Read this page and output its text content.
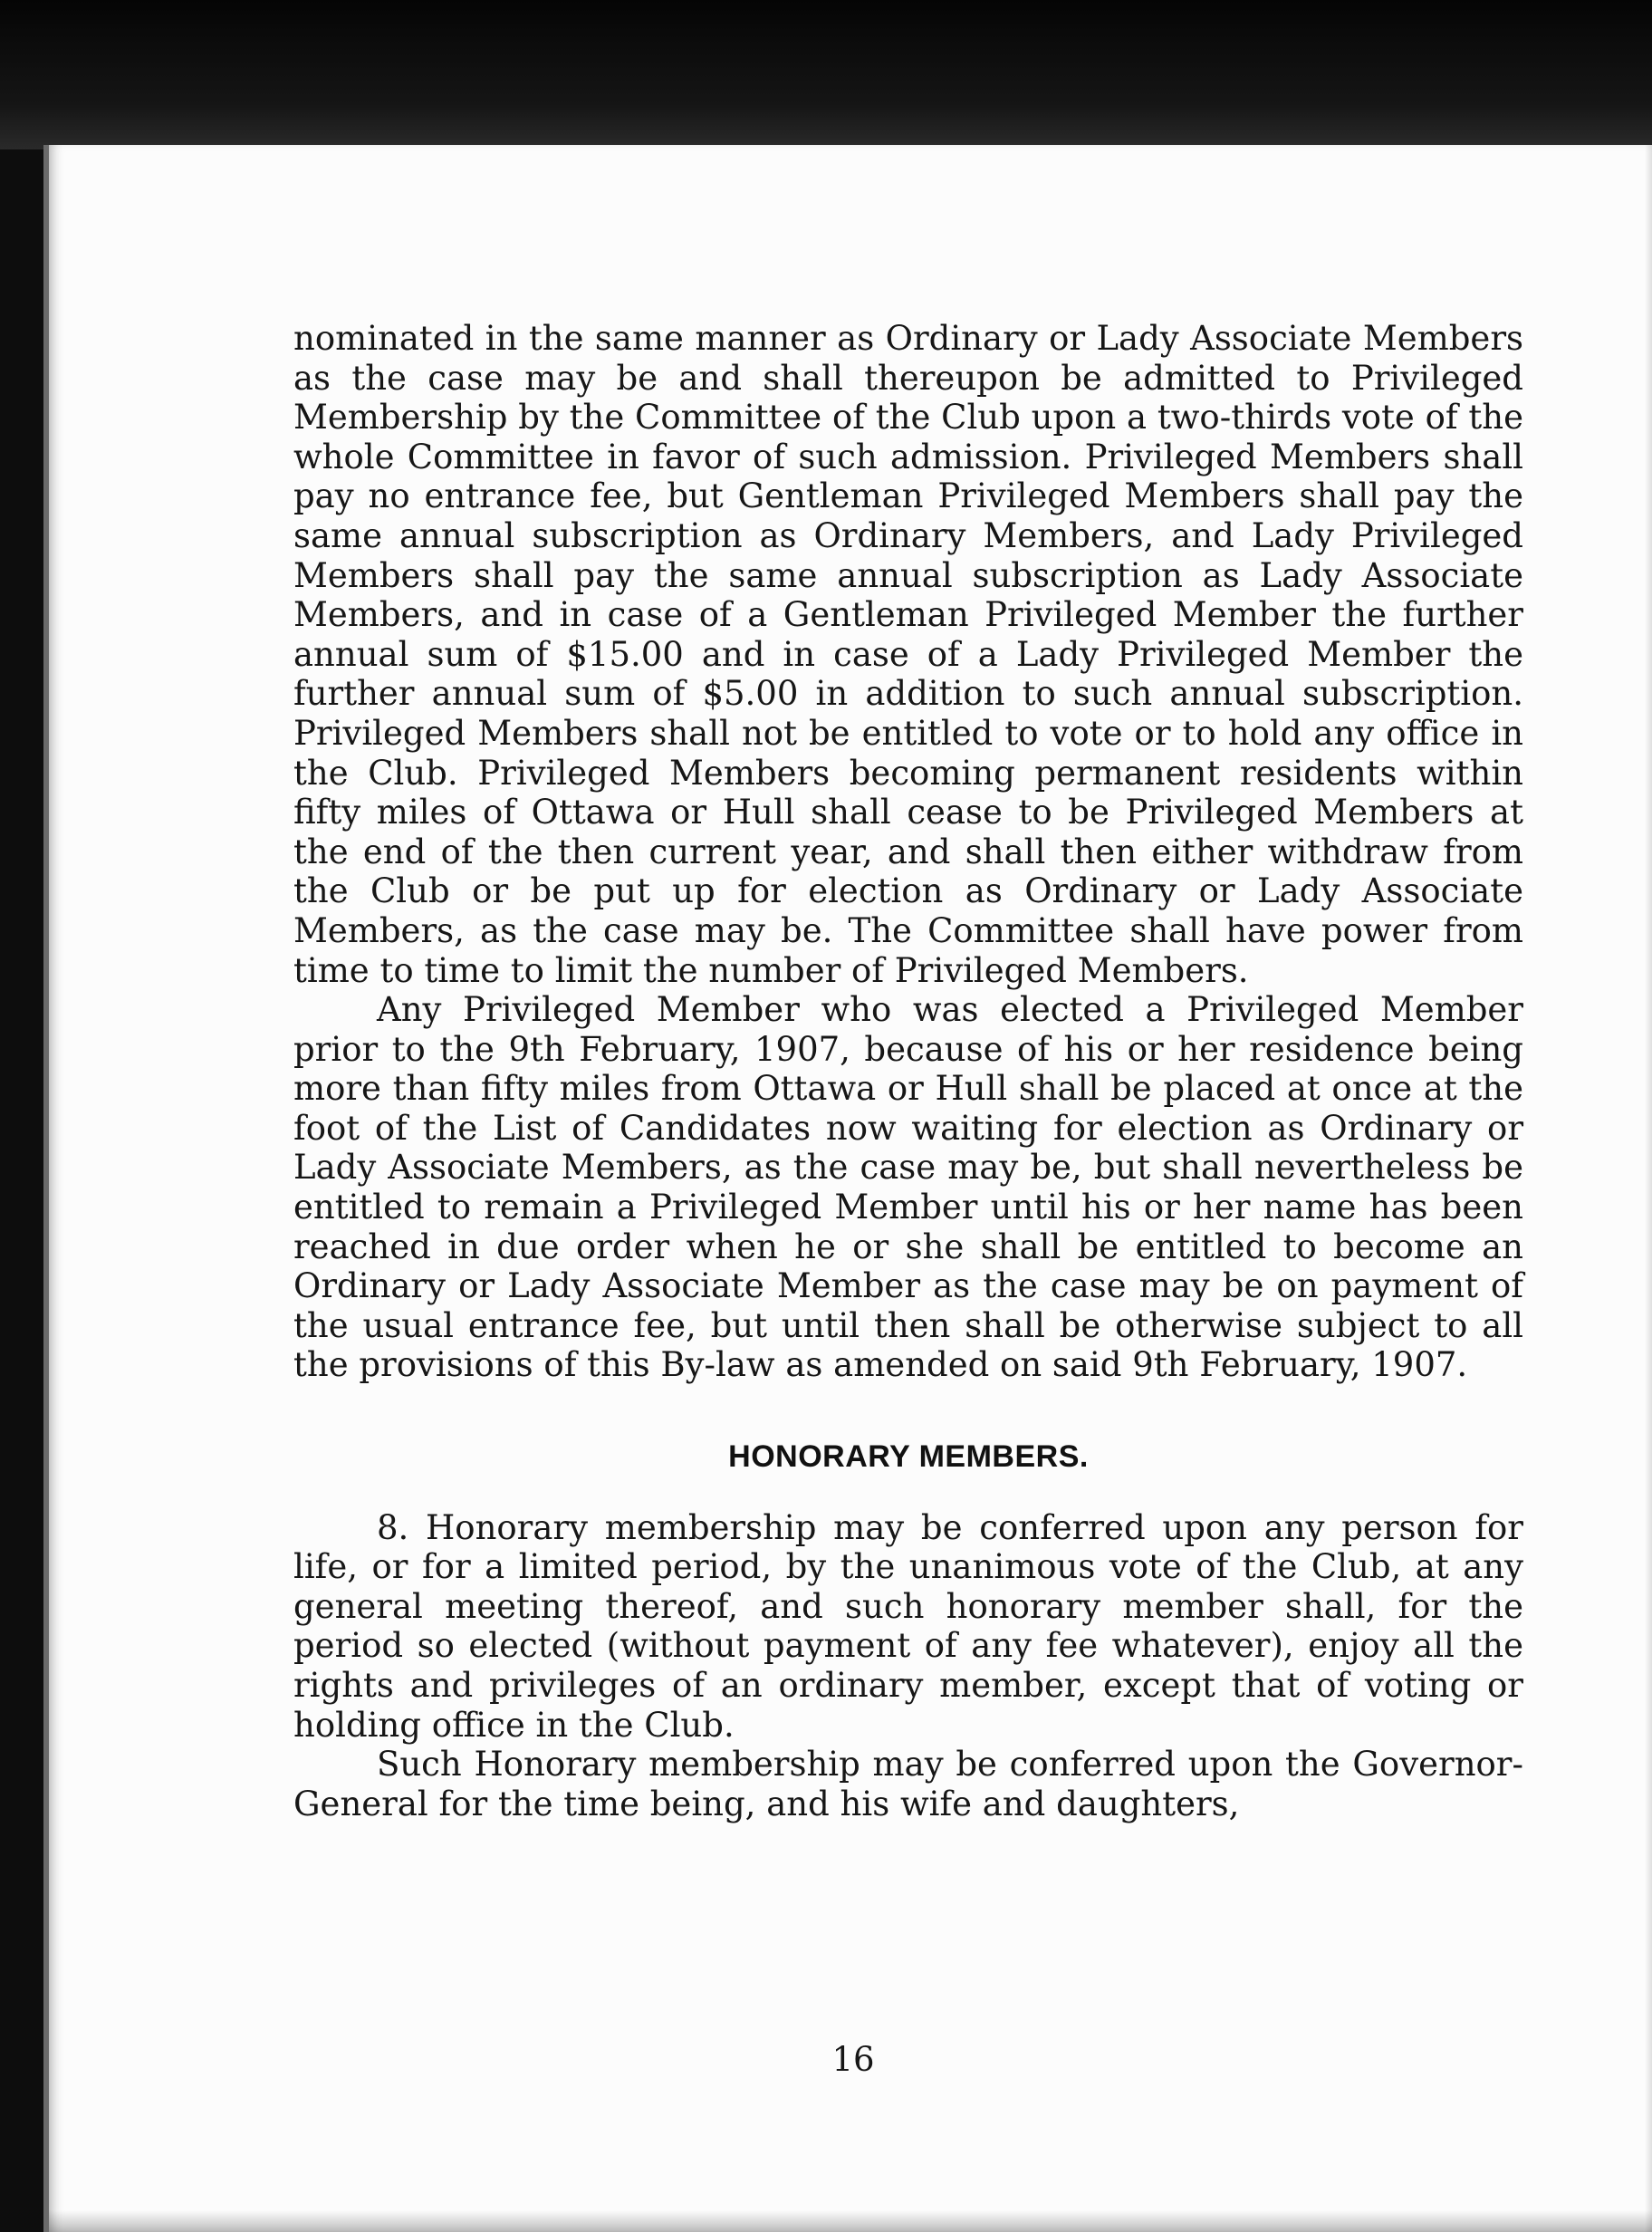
nominated in the same manner as Ordinary or Lady Associate Members as the case may be and shall thereupon be admitted to Privileged Membership by the Committee of the Club upon a two-thirds vote of the whole Committee in favor of such admission. Privileged Members shall pay no entrance fee, but Gentleman Privileged Members shall pay the same annual subscription as Ordinary Members, and Lady Privileged Members shall pay the same annual subscription as Lady Associate Members, and in case of a Gentleman Privileged Member the further annual sum of $15.00 and in case of a Lady Privileged Member the further annual sum of $5.00 in addition to such annual subscription. Privileged Members shall not be entitled to vote or to hold any office in the Club. Privileged Members becoming permanent residents within fifty miles of Ottawa or Hull shall cease to be Privileged Members at the end of the then current year, and shall then either withdraw from the Club or be put up for election as Ordinary or Lady Associate Members, as the case may be. The Committee shall have power from time to time to limit the number of Privileged Members.

Any Privileged Member who was elected a Privileged Member prior to the 9th February, 1907, because of his or her residence being more than fifty miles from Ottawa or Hull shall be placed at once at the foot of the List of Candidates now waiting for election as Ordinary or Lady Associate Members, as the case may be, but shall nevertheless be entitled to remain a Privileged Member until his or her name has been reached in due order when he or she shall be entitled to become an Ordinary or Lady Associate Member as the case may be on payment of the usual entrance fee, but until then shall be otherwise subject to all the provisions of this By-law as amended on said 9th February, 1907.

HONORARY MEMBERS.

8. Honorary membership may be conferred upon any person for life, or for a limited period, by the unanimous vote of the Club, at any general meeting thereof, and such honorary member shall, for the period so elected (without payment of any fee whatever), enjoy all the rights and privileges of an ordinary member, except that of voting or holding office in the Club.

Such Honorary membership may be conferred upon the Governor-General for the time being, and his wife and daughters,

16
